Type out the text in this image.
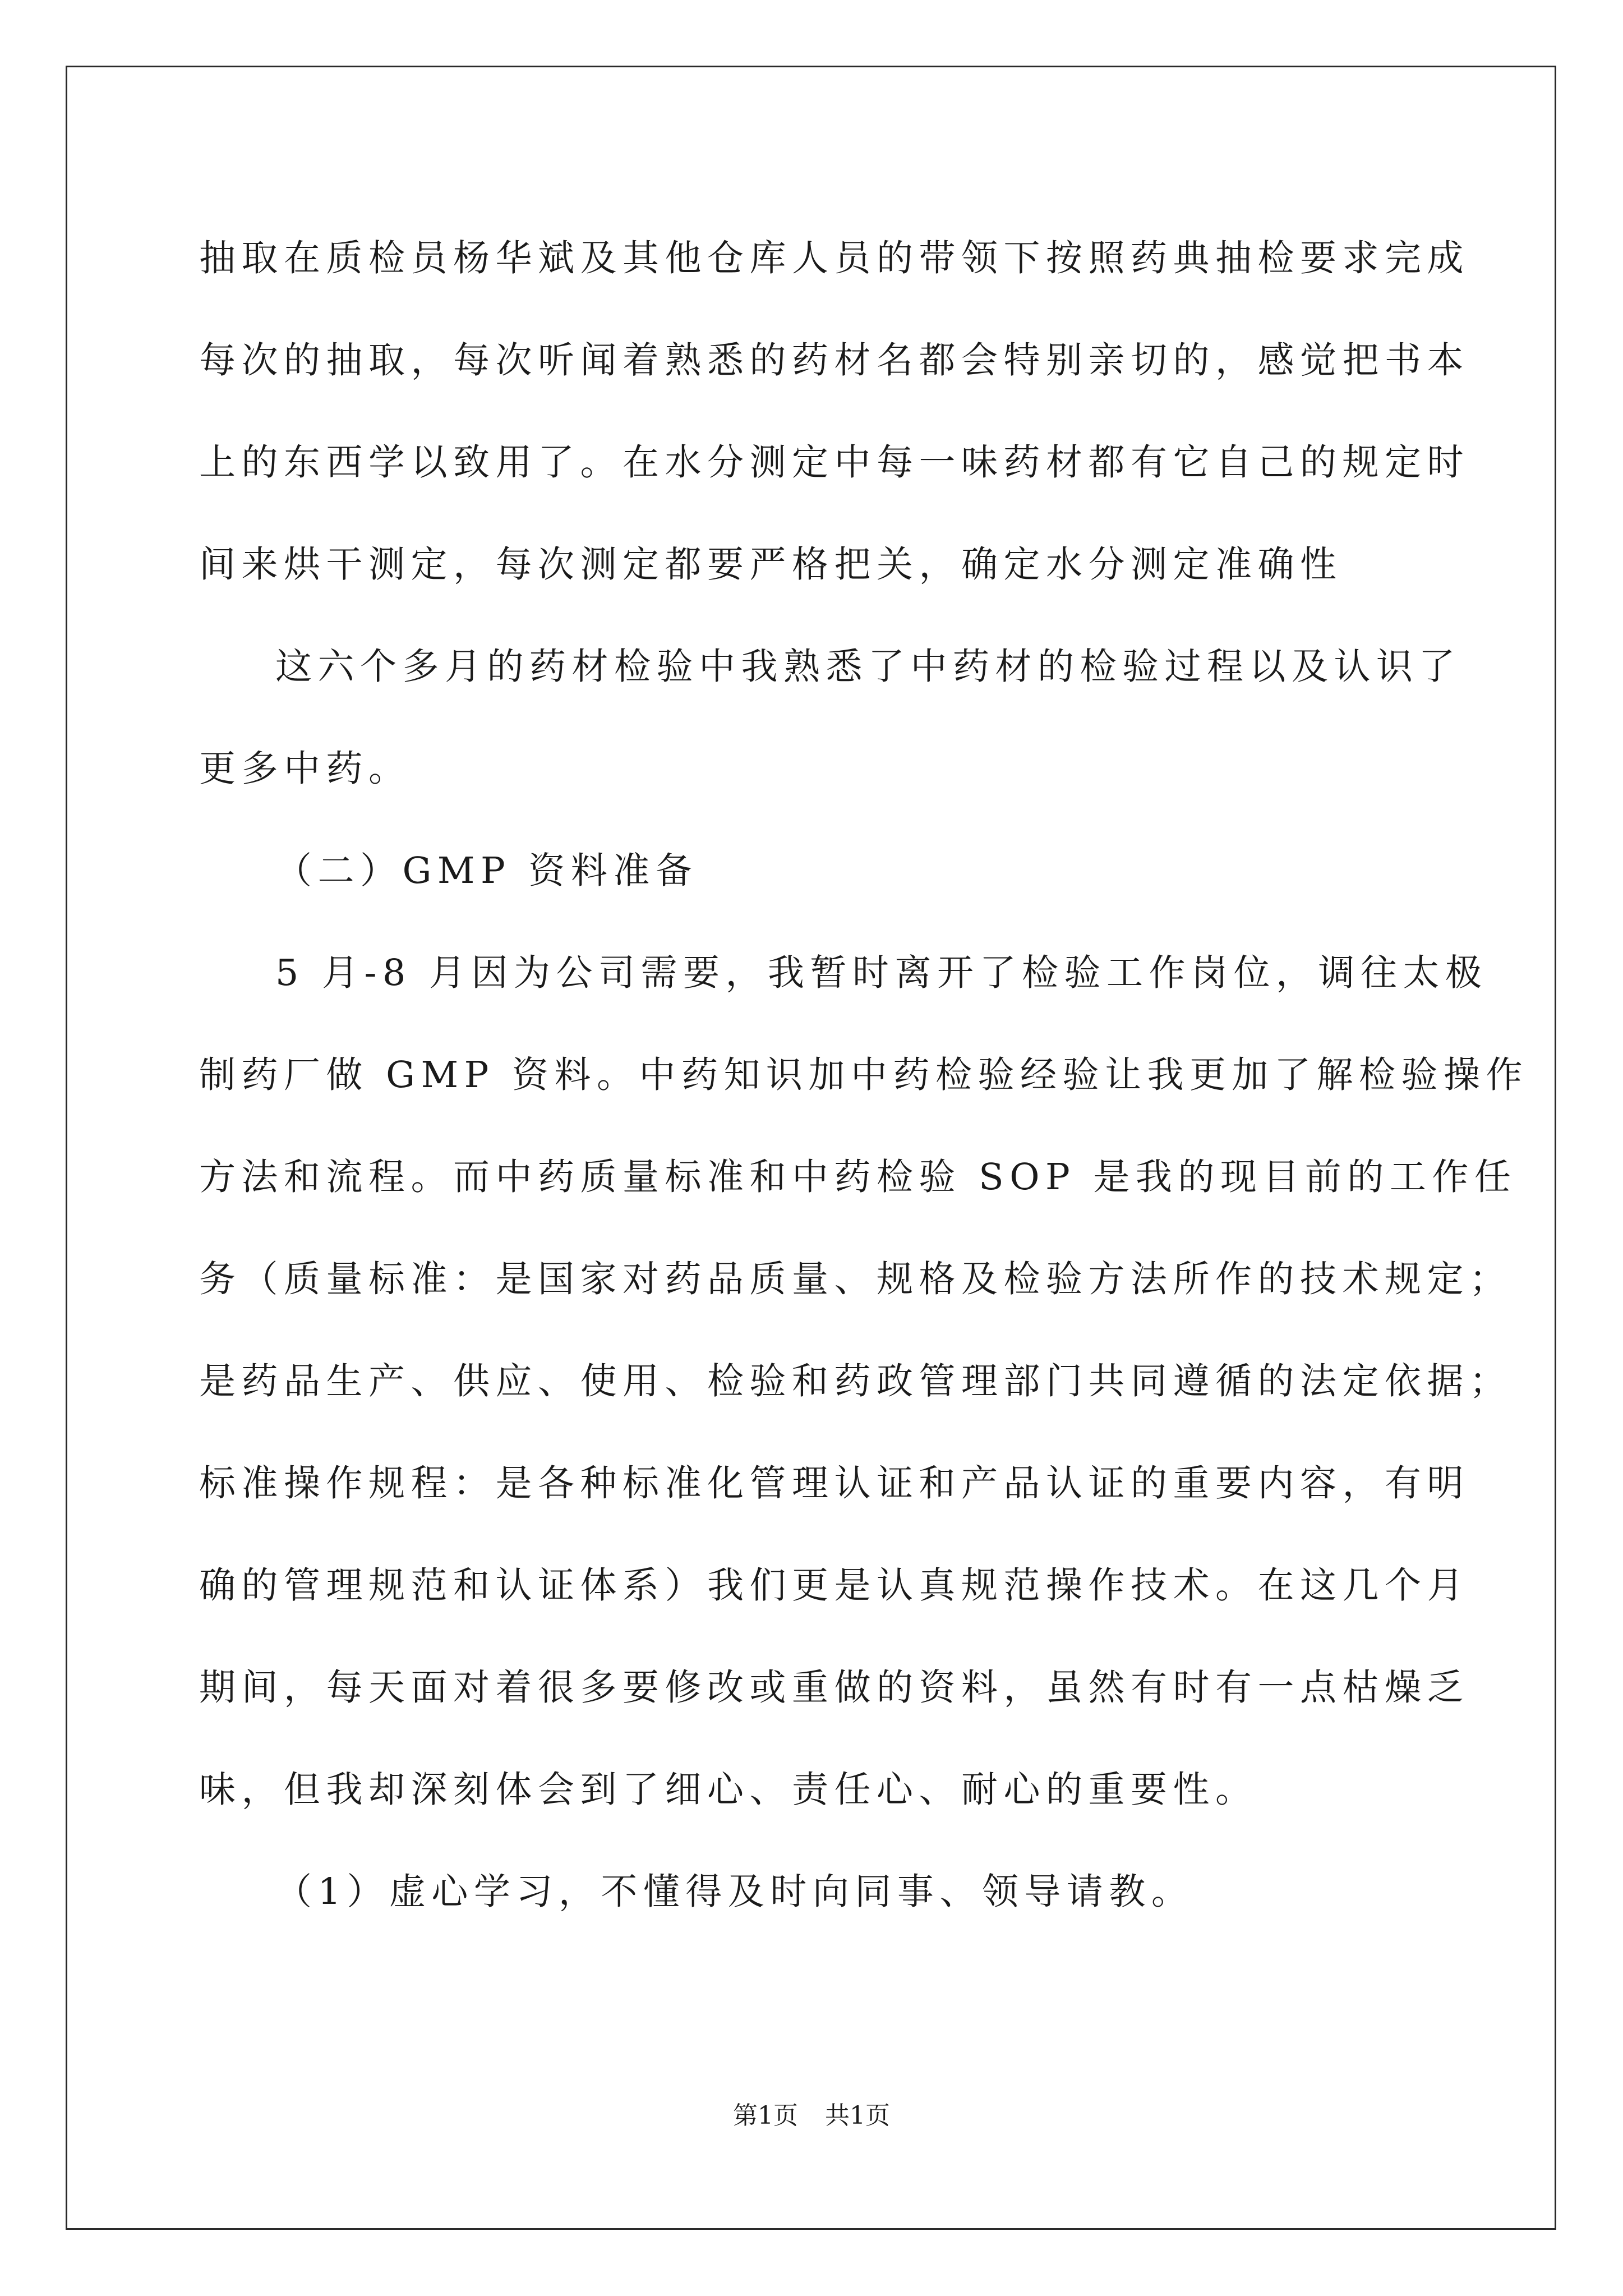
抽取在质检员杨华斌及其他仓库人员的带领下按照药典抽检要求完成
每次的抽取，每次听闻着熟悉的药材名都会特别亲切的，感觉把书本
上的东西学以致用了。在水分测定中每一味药材都有它自己的规定时
间来烘干测定，每次测定都要严格把关，确定水分测定准确性
这六个多月的药材检验中我熟悉了中药材的检验过程以及认识了
更多中药。
（二）GMP 资料准备
5 月-8 月因为公司需要，我暂时离开了检验工作岗位，调往太极
制药厂做 GMP 资料。中药知识加中药检验经验让我更加了解检验操作
方法和流程。而中药质量标准和中药检验 SOP 是我的现目前的工作任
务（质量标准：是国家对药品质量、规格及检验方法所作的技术规定；
是药品生产、供应、使用、检验和药政管理部门共同遵循的法定依据；
标准操作规程：是各种标准化管理认证和产品认证的重要内容，有明
确的管理规范和认证体系）我们更是认真规范操作技术。在这几个月
期间，每天面对着很多要修改或重做的资料，虽然有时有一点枯燥乏
味，但我却深刻体会到了细心、责任心、耐心的重要性。
（1）虚心学习，不懂得及时向同事、领导请教。
第1页 共1页
